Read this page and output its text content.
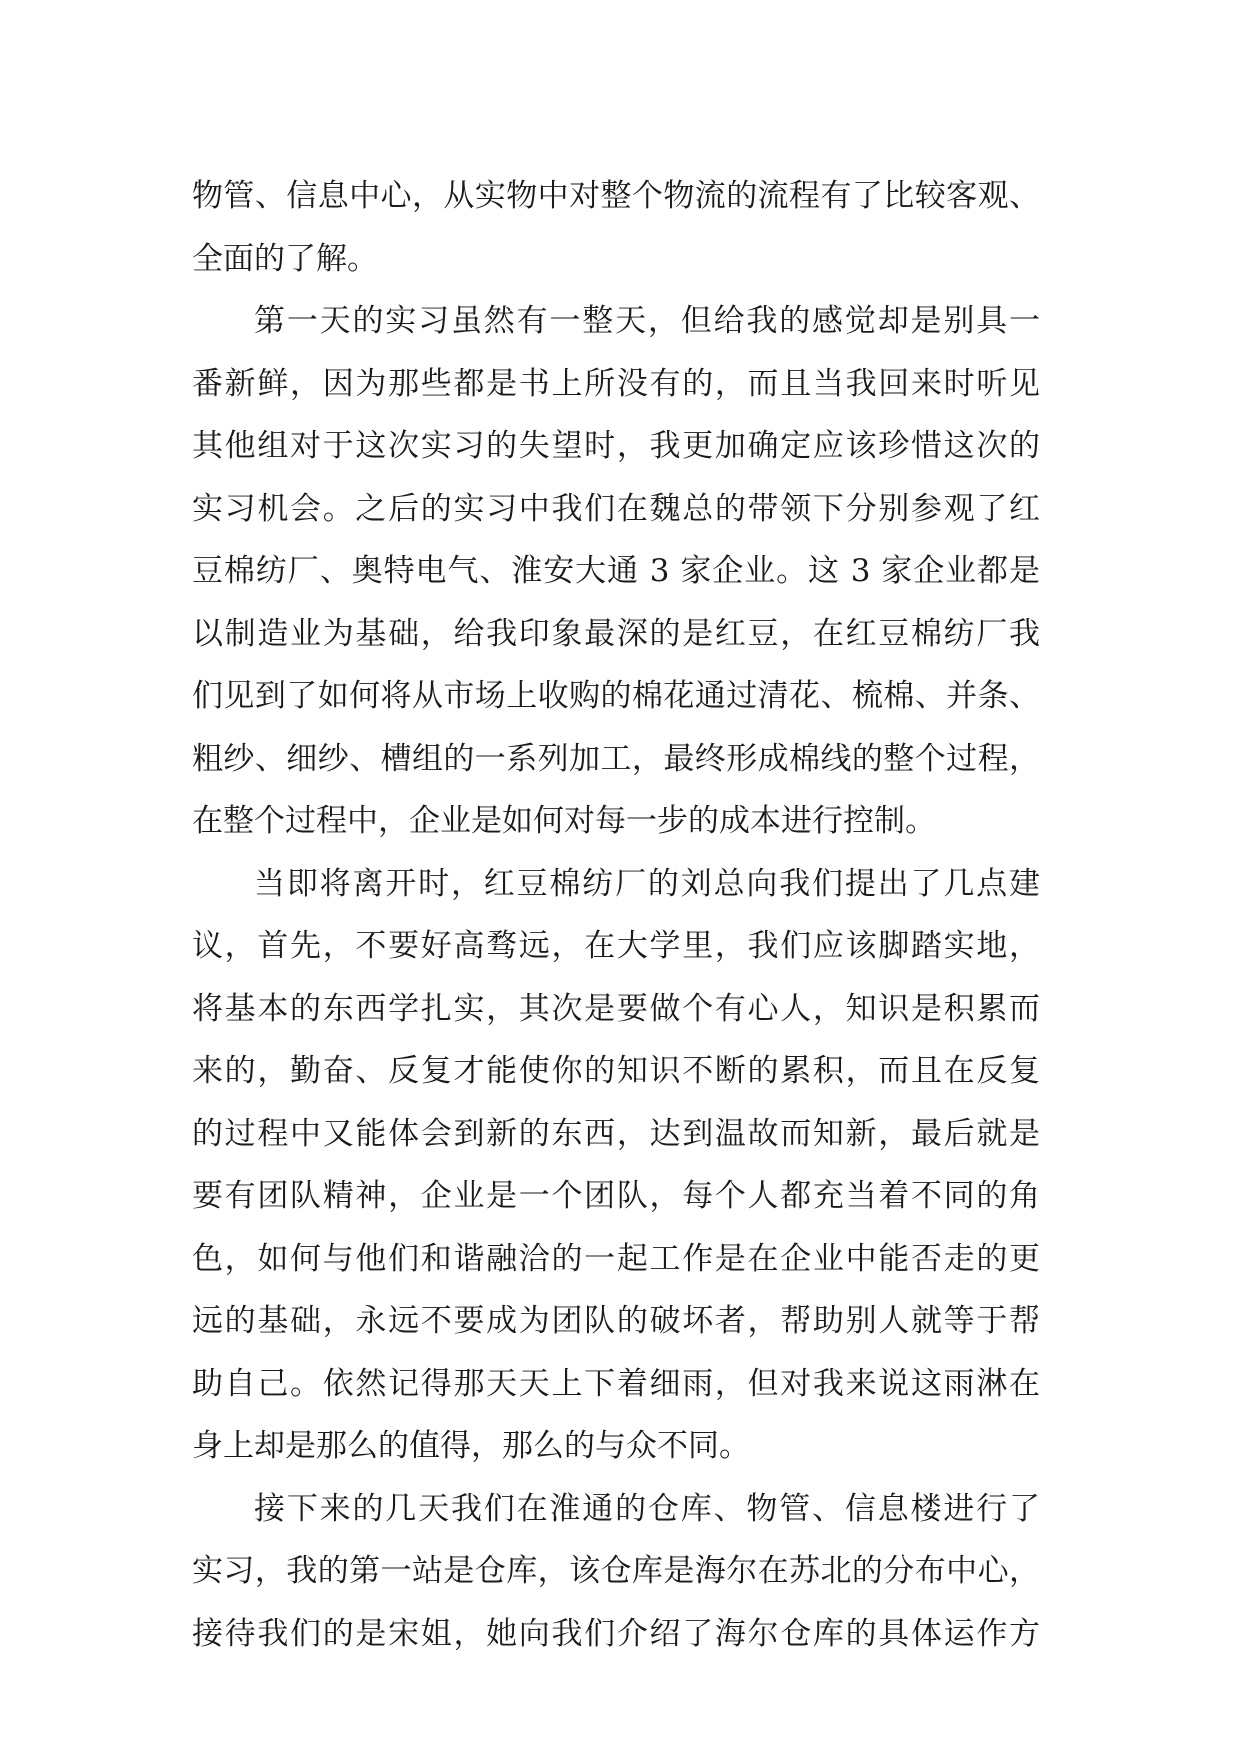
物管、信息中心，从实物中对整个物流的流程有了比较客观、
全面的了解。
第一天的实习虽然有一整天，但给我的感觉却是别具一
番新鲜，因为那些都是书上所没有的，而且当我回来时听见
其他组对于这次实习的失望时，我更加确定应该珍惜这次的
实习机会。之后的实习中我们在魏总的带领下分别参观了红
豆棉纺厂、奥特电气、淮安大通 3 家企业。这 3 家企业都是
以制造业为基础，给我印象最深的是红豆，在红豆棉纺厂我
们见到了如何将从市场上收购的棉花通过清花、梳棉、并条、
粗纱、细纱、槽组的一系列加工，最终形成棉线的整个过程，
在整个过程中，企业是如何对每一步的成本进行控制。
当即将离开时，红豆棉纺厂的刘总向我们提出了几点建
议，首先，不要好高骛远，在大学里，我们应该脚踏实地，
将基本的东西学扎实，其次是要做个有心人，知识是积累而
来的，勤奋、反复才能使你的知识不断的累积，而且在反复
的过程中又能体会到新的东西，达到温故而知新，最后就是
要有团队精神，企业是一个团队，每个人都充当着不同的角
色，如何与他们和谐融洽的一起工作是在企业中能否走的更
远的基础，永远不要成为团队的破坏者，帮助别人就等于帮
助自己。依然记得那天天上下着细雨，但对我来说这雨淋在
身上却是那么的值得，那么的与众不同。
接下来的几天我们在淮通的仓库、物管、信息楼进行了
实习，我的第一站是仓库，该仓库是海尔在苏北的分布中心，
接待我们的是宋姐，她向我们介绍了海尔仓库的具体运作方
